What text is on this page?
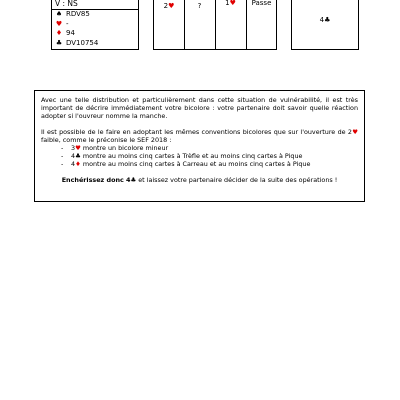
V : NS
♠ RDV85
♥ -
♦ 94
♣ DV10754
2♥	?	1♥	Passe
4♣

Avec une telle distribution et particulièrement dans cette situation de vulnérabilité, il est très important de décrire immédiatement votre bicolore : votre partenaire doit savoir quelle réaction adopter si l'ouvreur nomme la manche.

Il est possible de le faire en adoptant les mêmes conventions bicolores que sur l'ouverture de 2♥ faible, comme le préconise le SEF 2018 :

- 3♥ montre un bicolore mineur
- 4♣ montre au moins cinq cartes à Trèfle et au moins cinq cartes à Pique
- 4♦ montre au moins cinq cartes à Carreau et au moins cinq cartes à Pique

Enchérissez donc 4♣ et laissez votre partenaire décider de la suite des opérations !
